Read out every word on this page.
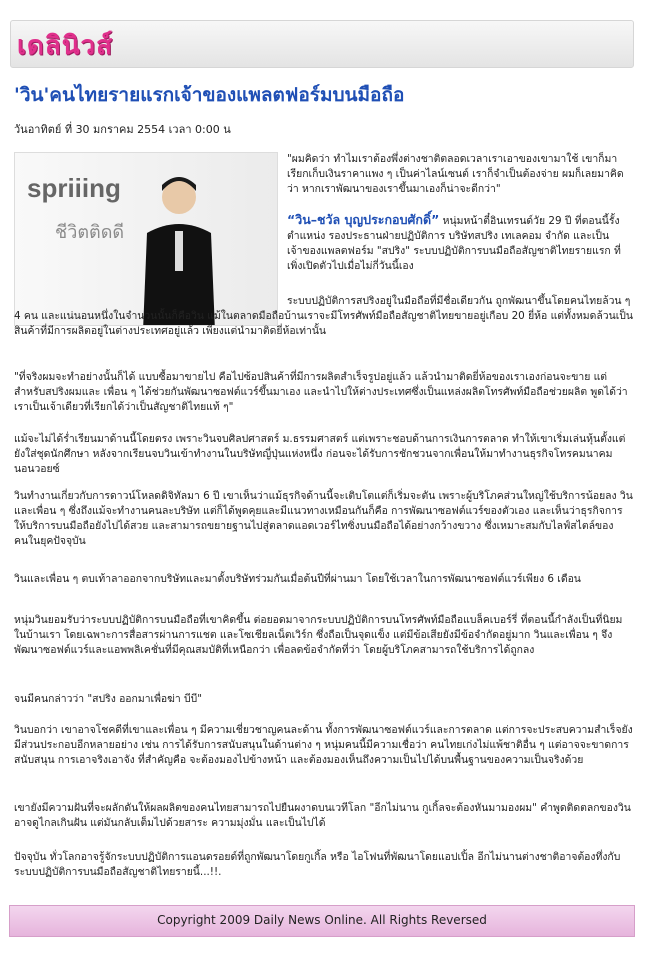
เดลินิวส์
'วิน'คนไทยรายแรกเจ้าของแพลตฟอร์มบนมือถือ
วันอาทิตย์ ที่ 30 มกราคม 2554 เวลา 0:00 น
spriiing
ชีวิตติดดี

"ผมคิดว่า ทำไมเราต้องพึ่งต่างชาติตลอดเวลาเราเอาของเขามาใช้ เขาก็มาเรียกเก็บเงินราคาแพง ๆ เป็นค่าไลน์เซนต์ เราก็จำเป็นต้องจ่าย ผมก็เลยมาคิดว่า หากเราพัฒนาของเราขึ้นมาเองก็น่าจะดีกว่า"

“วิน–ชวัล บุญประกอบศักดิ์” หนุ่มหน้าตี๋อินเทรนด์วัย 29 ปี ที่ตอนนี้รั้งตำแหน่ง รองประธานฝ่ายปฏิบัติการ บริษัทสปริง เทเลคอม จำกัด และเป็นเจ้าของแพลตฟอร์ม "สปริง" ระบบปฏิบัติการบนมือถือสัญชาติไทยรายแรก ที่เพิ่งเปิดตัวไปเมื่อไม่กี่วันนี้เอง

ระบบปฏิบัติการสปริงอยู่ในมือถือที่มีชื่อเดียวกัน ถูกพัฒนาขึ้นโดยคนไทยล้วน ๆ 4 คน และแน่นอนหนึ่งในจำนวนนั้นก็คือวิน แม้ในตลาดมือถือบ้านเราจะมีโทรศัพท์มือถือสัญชาติไทยขายอยู่เกือบ 20 ยี่ห้อ แต่ทั้งหมดล้วนเป็นสินค้าที่มีการผลิตอยู่ในต่างประเทศอยู่แล้ว เพียงแต่นำมาติดยี่ห้อเท่านั้น

"ที่จริงผมจะทำอย่างนั้นก็ได้ แบบซื้อมาขายไป คือไปซ้อปสินค้าที่มีการผลิตสำเร็จรูปอยู่แล้ว แล้วนำมาติดยี่ห้อของเราเองก่อนจะขาย แต่สำหรับสปริงผมและ เพื่อน ๆ ได้ช่วยกันพัฒนาซอฟต์แวร์ขึ้นมาเอง และนำไปให้ต่างประเทศซึ่งเป็นแหล่งผลิตโทรศัพท์มือถือช่วยผลิต พูดได้ว่าเราเป็นเจ้าเดียวที่เรียกได้ว่าเป็นสัญชาติไทยแท้ ๆ"

แม้จะไม่ได้ร่ำเรียนมาด้านนี้โดยตรง เพราะวินจบศิลปศาสตร์ ม.ธรรมศาสตร์ แต่เพราะชอบด้านการเงินการตลาด ทำให้เขาเริ่มเล่นหุ้นตั้งแต่ยังใส่ชุดนักศึกษา หลังจากเรียนจบวินเข้าทำงานในบริษัทญี่ปุ่นแห่งหนึ่ง ก่อนจะได้รับการชักชวนจากเพื่อนให้มาทำงานธุรกิจโทรคมนาคม นอนวอยซ์

วินทำงานเกี่ยวกับการดาวน์โหลดดิจิทัลมา 6 ปี เขาเห็นว่าแม้ธุรกิจด้านนี้จะเติบโตแต่ก็เริ่มจะตัน เพราะผู้บริโภคส่วนใหญ่ใช้บริการน้อยลง วินและเพื่อน ๆ ซึ่งถึงแม้จะทำงานคนละบริษัท แต่ก็ได้พูดคุยและมีแนวทางเหมือนกันก็คือ การพัฒนาซอฟต์แวร์ของตัวเอง และเห็นว่าธุรกิจการให้บริการบนมือถือยังไปได้สวย และสามารถขยายฐานไปสู่ตลาดแอดเวอร์ไทซิ่งบนมือถือได้อย่างกว้างขวาง ซึ่งเหมาะสมกับไลฟ์สไตล์ของคนในยุคปัจจุบัน

วินและเพื่อน ๆ ตบเท้าลาออกจากบริษัทและมาตั้งบริษัทร่วมกันเมื่อต้นปีที่ผ่านมา โดยใช้เวลาในการพัฒนาซอฟต์แวร์เพียง 6 เดือน

หนุ่มวินยอมรับว่าระบบปฏิบัติการบนมือถือที่เขาคิดขึ้น ต่อยอดมาจากระบบปฏิบัติการบนโทรศัพท์มือถือแบล็คเบอร์รี่ ที่ตอนนี้กำลังเป็นที่นิยมในบ้านเรา โดยเฉพาะการสื่อสารผ่านการแชต และโซเชียลเน็ตเวิร์ก ซึ่งถือเป็นจุดแข็ง แต่มีข้อเสียยังมีข้อจำกัดอยู่มาก วินและเพื่อน ๆ จึงพัฒนาซอฟต์แวร์และแอพพลิเคชั่นที่มีคุณสมบัติที่เหนือกว่า เพื่อลดข้อจำกัดที่ว่า โดยผู้บริโภคสามารถใช้บริการได้ถูกลง

จนมีคนกล่าวว่า "สปริง ออกมาเพื่อฆ่า บีบี"

วินบอกว่า เขาอาจโชคดีที่เขาและเพื่อน ๆ มีความเชี่ยวชาญคนละด้าน ทั้งการพัฒนาซอฟต์แวร์และการตลาด แต่การจะประสบความสำเร็จยังมีส่วนประกอบอีกหลายอย่าง เช่น การได้รับการสนับสนุนในด้านต่าง ๆ หนุ่มคนนี้มีความเชื่อว่า คนไทยเก่งไม่แพ้ชาติอื่น ๆ แต่อาจจะขาดการสนับสนุน การเอาจริงเอาจัง ที่สำคัญคือ จะต้องมองไปข้างหน้า และต้องมองเห็นถึงความเป็นไปได้บนพื้นฐานของความเป็นจริงด้วย

เขายังมีความฝันที่จะผลักดันให้ผลผลิตของคนไทยสามารถไปยืนผงาดบนเวทีโลก "อีกไม่นาน กูเกิ้ลจะต้องหันมามองผม" คำพูดติดตลกของวินอาจดูไกลเกินฝัน แต่มันกลับเต็มไปด้วยสาระ ความมุ่งมั่น และเป็นไปได้

ปัจจุบัน ทั่วโลกอาจรู้จักระบบปฏิบัติการแอนดรอยด์ที่ถูกพัฒนาโดยกูเกิ้ล หรือ ไอโฟนที่พัฒนาโดยแอปเปิ้ล อีกไม่นานต่างชาติอาจต้องทึ่งกับระบบปฏิบัติการบนมือถือสัญชาติไทยรายนี้...!!.

Copyright 2009 Daily News Online. All Rights Reversed
